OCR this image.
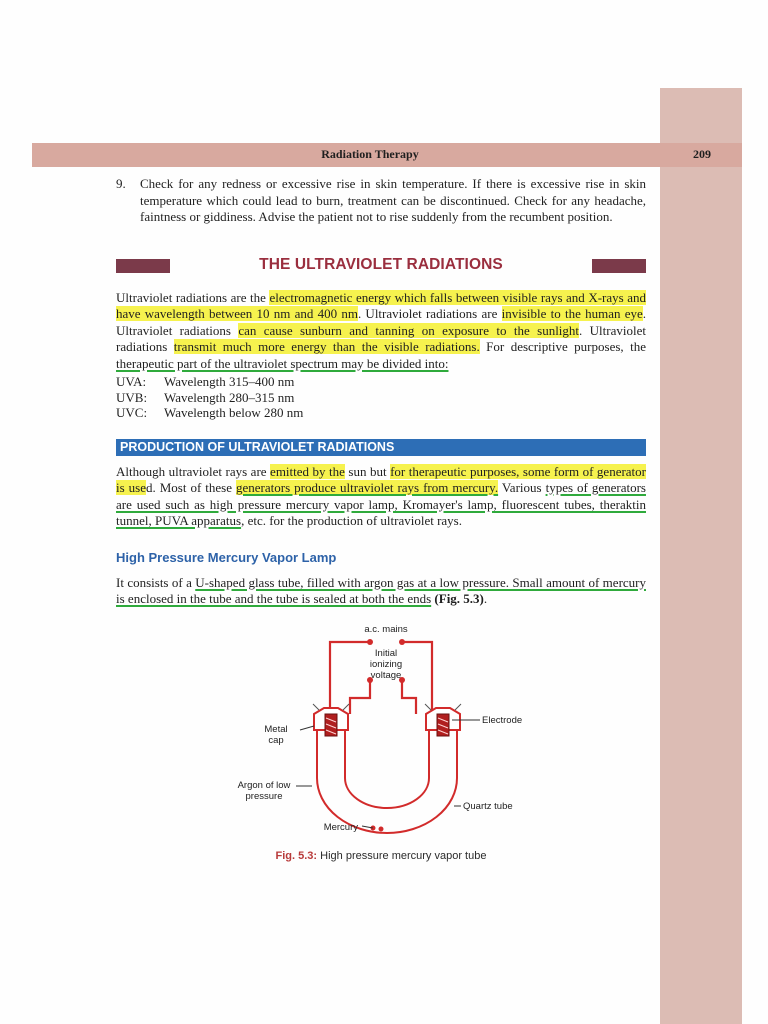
Radiation Therapy	209
9.	Check for any redness or excessive rise in skin temperature. If there is excessive rise in skin temperature which could lead to burn, treatment can be discontinued. Check for any headache, faintness or giddiness. Advise the patient not to rise suddenly from the recumbent position.
THE ULTRAVIOLET RADIATIONS

Ultraviolet radiations are the electromagnetic energy which falls between visible rays and X-rays and have wavelength between 10 nm and 400 nm. Ultraviolet radiations are invisible to the human eye. Ultraviolet radiations can cause sunburn and tanning on exposure to the sunlight. Ultraviolet radiations transmit much more energy than the visible radiations. For descriptive purposes, the therapeutic part of the ultraviolet spectrum may be divided into:

UVA:	Wavelength 315–400 nm
UVB:	Wavelength 280–315 nm
UVC:	Wavelength below 280 nm
PRODUCTION OF ULTRAVIOLET RADIATIONS

Although ultraviolet rays are emitted by the sun but for therapeutic purposes, some form of generator is used. Most of these generators produce ultraviolet rays from mercury. Various types of generators are used such as high pressure mercury vapor lamp, Kromayer's lamp, fluorescent tubes, theraktin tunnel, PUVA apparatus, etc. for the production of ultraviolet rays.

High Pressure Mercury Vapor Lamp

It consists of a U-shaped glass tube, filled with argon gas at a low pressure. Small amount of mercury is enclosed in the tube and the tube is sealed at both the ends (Fig. 5.3).

a.c. mains
Initial
ionizing
voltage
Electrode
Metal
cap
Argon of low
pressure
Quartz tube
Mercury
Fig. 5.3: High pressure mercury vapor tube
